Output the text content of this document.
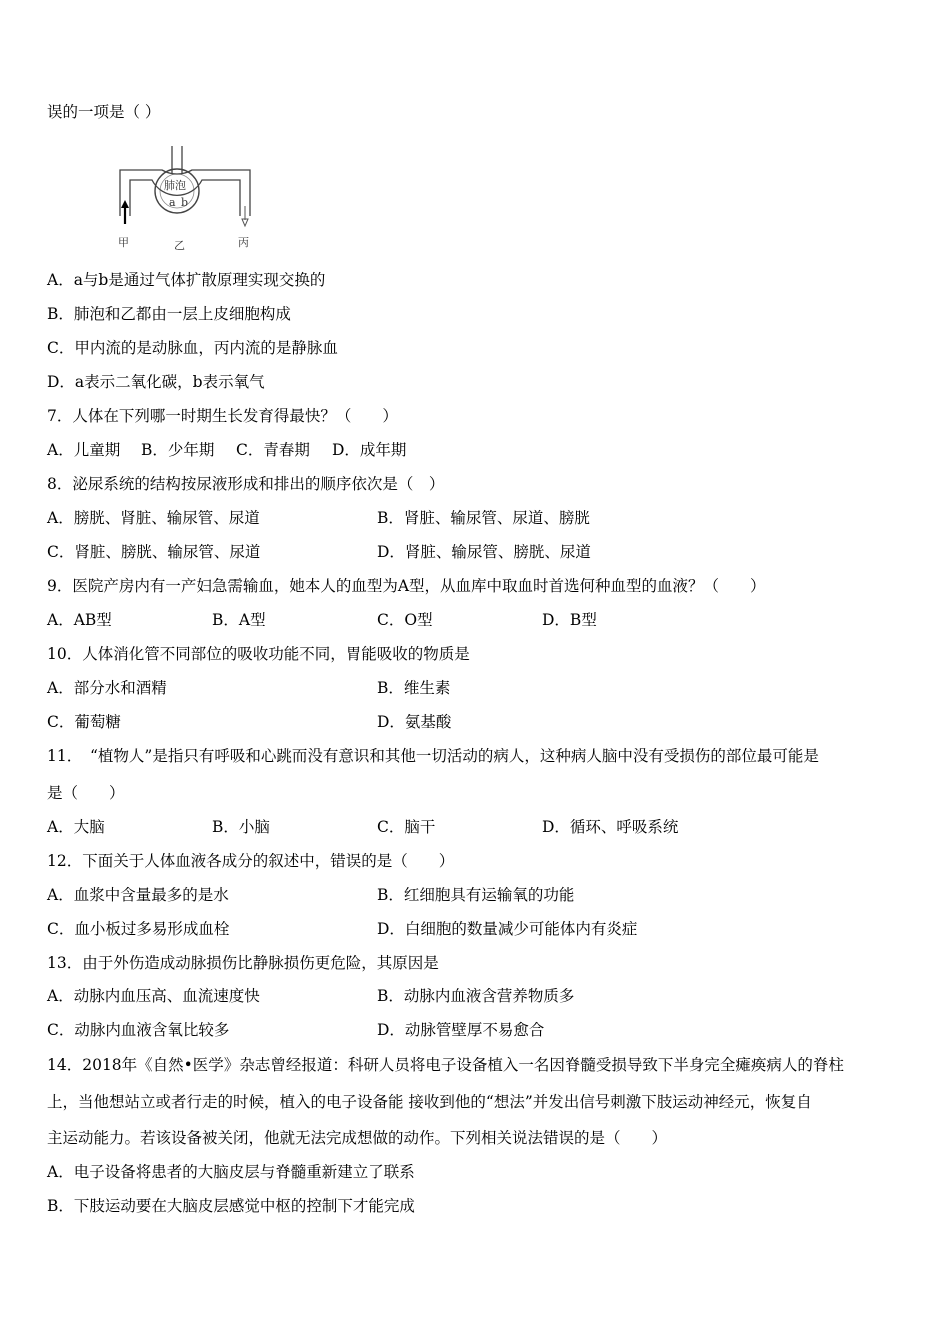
误的一项是（ ）
肺泡
a b
甲	乙	丙
A．a与b是通过气体扩散原理实现交换的
B．肺泡和乙都由一层上皮细胞构成
C．甲内流的是动脉血，丙内流的是静脉血
D．a表示二氧化碳，b表示氧气
7．人体在下列哪一时期生长发育得最快？（　　）
A．儿童期 B．少年期 C．青春期 D．成年期
8．泌尿系统的结构按尿液形成和排出的顺序依次是（　）
A．膀胱、肾脏、输尿管、尿道	B．肾脏、输尿管、尿道、膀胱
C．肾脏、膀胱、输尿管、尿道	D．肾脏、输尿管、膀胱、尿道
9．医院产房内有一产妇急需输血，她本人的血型为A型，从血库中取血时首选何种血型的血液？（　　）
A．AB型	B．A型	C．O型	D．B型
10．人体消化管不同部位的吸收功能不同，胃能吸收的物质是
A．部分水和酒精	B．维生素
C．葡萄糖	D．氨基酸
11．　“植物人”是指只有呼吸和心跳而没有意识和其他一切活动的病人，这种病人脑中没有受损伤的部位最可能是
是（　　）
A．大脑	B．小脑	C．脑干	D．循环、呼吸系统
12．下面关于人体血液各成分的叙述中，错误的是（　　）
A．血浆中含量最多的是水	B．红细胞具有运输氧的功能
C．血小板过多易形成血栓	D．白细胞的数量减少可能体内有炎症
13．由于外伤造成动脉损伤比静脉损伤更危险，其原因是
A．动脉内血压高、血流速度快	B．动脉内血液含营养物质多
C．动脉内血液含氧比较多	D．动脉管壁厚不易愈合
14．2018年《自然•医学》杂志曾经报道：科研人员将电子设备植入一名因脊髓受损导致下半身完全瘫痪病人的脊柱
上，当他想站立或者行走的时候，植入的电子设备能 接收到他的“想法”并发出信号刺激下肢运动神经元，恢复自
主运动能力。若该设备被关闭，他就无法完成想做的动作。下列相关说法错误的是（　　）
A．电子设备将患者的大脑皮层与脊髓重新建立了联系
B．下肢运动要在大脑皮层感觉中枢的控制下才能完成
